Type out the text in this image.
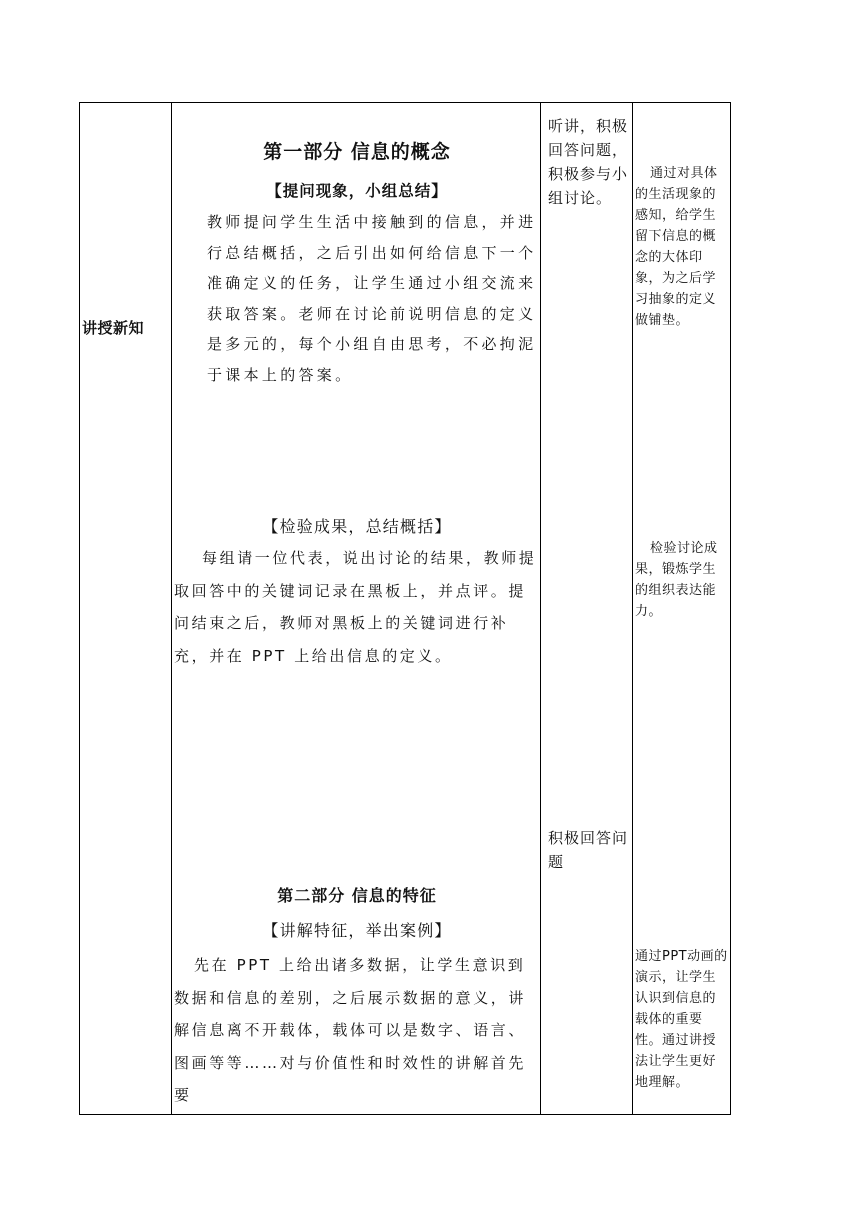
讲授新知
第一部分 信息的概念
【提问现象，小组总结】
教师提问学生生活中接触到的信息，并进行总结概括，之后引出如何给信息下一个准确定义的任务，让学生通过小组交流来获取答案。老师在讨论前说明信息的定义是多元的，每个小组自由思考，不必拘泥于课本上的答案。
【检验成果，总结概括】
每组请一位代表，说出讨论的结果，教师提取回答中的关键词记录在黑板上，并点评。提问结束之后，教师对黑板上的关键词进行补充，并在 PPT 上给出信息的定义。
第二部分 信息的特征
【讲解特征，举出案例】
先在 PPT 上给出诸多数据，让学生意识到数据和信息的差别，之后展示数据的意义，讲解信息离不开载体，载体可以是数字、语言、图画等等……对与价值性和时效性的讲解首先要
听讲，积极回答问题，积极参与小组讨论。
积极回答问题
通过对具体的生活现象的感知，给学生留下信息的概念的大体印象，为之后学习抽象的定义做铺垫。
检验讨论成果，锻炼学生的组织表达能力。
通过PPT动画的演示，让学生认识到信息的载体的重要性。通过讲授法让学生更好地理解。
